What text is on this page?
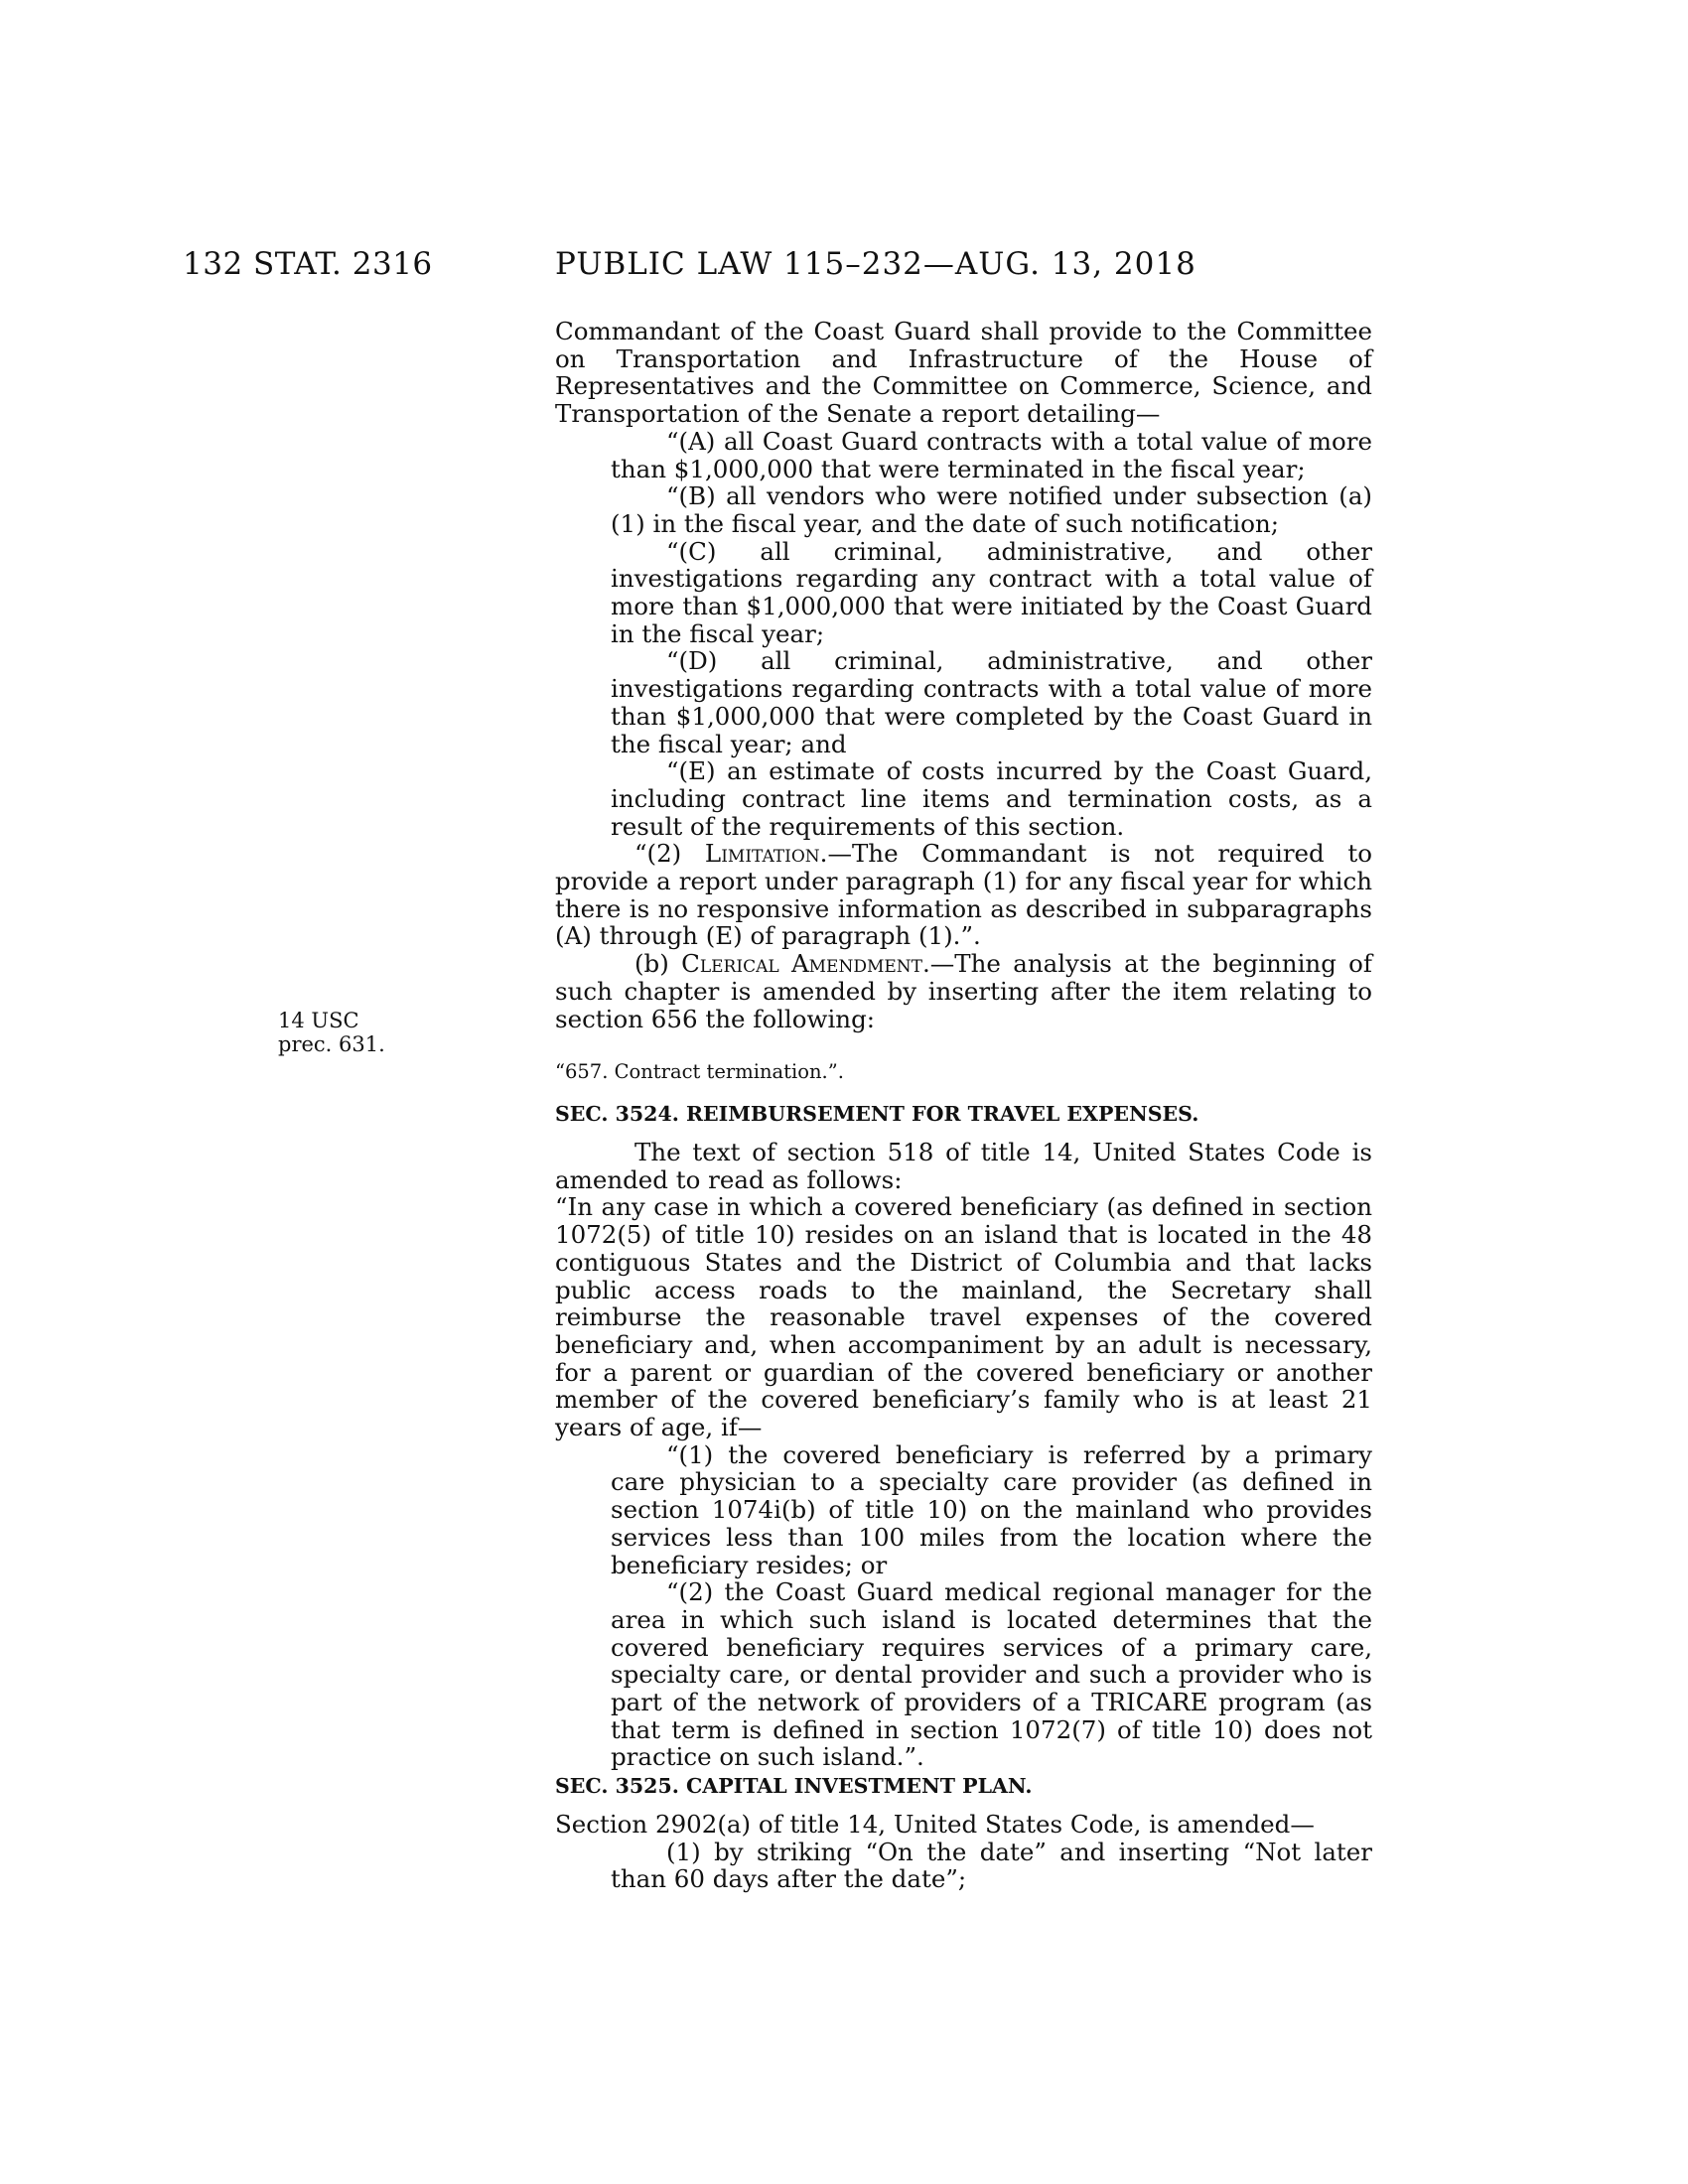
132 STAT. 2316	PUBLIC LAW 115–232—AUG. 13, 2018
14 USC
prec. 631.

Commandant of the Coast Guard shall provide to the Committee on Transportation and Infrastructure of the House of Representatives and the Committee on Commerce, Science, and Transportation of the Senate a report detailing—

“(A) all Coast Guard contracts with a total value of more than $1,000,000 that were terminated in the fiscal year;

“(B) all vendors who were notified under subsection (a)(1) in the fiscal year, and the date of such notification;

“(C) all criminal, administrative, and other investigations regarding any contract with a total value of more than $1,000,000 that were initiated by the Coast Guard in the fiscal year;

“(D) all criminal, administrative, and other investigations regarding contracts with a total value of more than $1,000,000 that were completed by the Coast Guard in the fiscal year; and

“(E) an estimate of costs incurred by the Coast Guard, including contract line items and termination costs, as a result of the requirements of this section.

“(2) Limitation.—The Commandant is not required to provide a report under paragraph (1) for any fiscal year for which there is no responsive information as described in subparagraphs (A) through (E) of paragraph (1).”.

(b) Clerical Amendment.—The analysis at the beginning of such chapter is amended by inserting after the item relating to section 656 the following:

“657. Contract termination.”.

SEC. 3524. REIMBURSEMENT FOR TRAVEL EXPENSES.

The text of section 518 of title 14, United States Code is amended to read as follows:

“In any case in which a covered beneficiary (as defined in section 1072(5) of title 10) resides on an island that is located in the 48 contiguous States and the District of Columbia and that lacks public access roads to the mainland, the Secretary shall reimburse the reasonable travel expenses of the covered beneficiary and, when accompaniment by an adult is necessary, for a parent or guardian of the covered beneficiary or another member of the covered beneficiary’s family who is at least 21 years of age, if—

“(1) the covered beneficiary is referred by a primary care physician to a specialty care provider (as defined in section 1074i(b) of title 10) on the mainland who provides services less than 100 miles from the location where the beneficiary resides; or

“(2) the Coast Guard medical regional manager for the area in which such island is located determines that the covered beneficiary requires services of a primary care, specialty care, or dental provider and such a provider who is part of the network of providers of a TRICARE program (as that term is defined in section 1072(7) of title 10) does not practice on such island.”.

SEC. 3525. CAPITAL INVESTMENT PLAN.

Section 2902(a) of title 14, United States Code, is amended—

(1) by striking “On the date” and inserting “Not later than 60 days after the date”;
